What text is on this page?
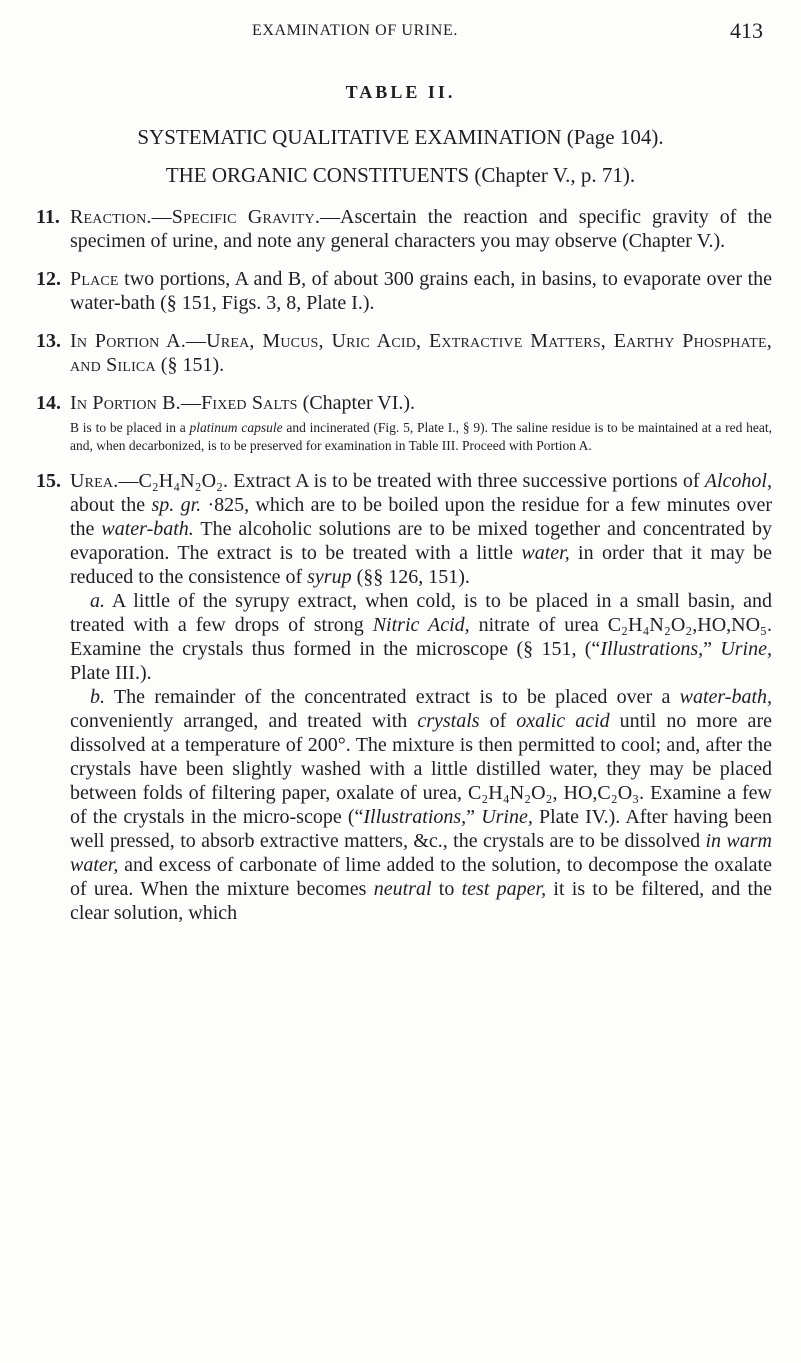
EXAMINATION OF URINE.	413
TABLE II.
SYSTEMATIC QUALITATIVE EXAMINATION (Page 104).
THE ORGANIC CONSTITUENTS (Chapter V., p. 71).
11. Reaction.—Specific Gravity.—Ascertain the reaction and specific gravity of the specimen of urine, and note any general characters you may observe (Chapter V.).
12. Place two portions, A and B, of about 300 grains each, in basins, to evaporate over the water-bath (§ 151, Figs. 3, 8, Plate I.).
13. In Portion A.—Urea, Mucus, Uric Acid, Extractive Matters, Earthy Phosphate, and Silica (§ 151).
14. In Portion B.—Fixed Salts (Chapter VI.).
B is to be placed in a platinum capsule and incinerated (Fig. 5, Plate I., § 9). The saline residue is to be maintained at a red heat, and, when decarbonized, is to be preserved for examination in Table III. Proceed with Portion A.
15. Urea.—C₂H₄N₂O₂. Extract A is to be treated with three successive portions of Alcohol, about the sp. gr. ·825, which are to be boiled upon the residue for a few minutes over the water-bath. The alcoholic solutions are to be mixed together and concentrated by evaporation. The extract is to be treated with a little water, in order that it may be reduced to the consistence of syrup (§§ 126, 151).
a. A little of the syrupy extract, when cold, is to be placed in a small basin, and treated with a few drops of strong Nitric Acid, nitrate of urea C₂H₄N₂O₂,HO,NO₅. Examine the crystals thus formed in the microscope (§ 151, (“Illustrations,” Urine, Plate III.).
b. The remainder of the concentrated extract is to be placed over a water-bath, conveniently arranged, and treated with crystals of oxalic acid until no more are dissolved at a temperature of 200°. The mixture is then permitted to cool; and, after the crystals have been slightly washed with a little distilled water, they may be placed between folds of filtering paper, oxalate of urea, C₂H₄N₂O₂, HO,C₂O₃. Examine a few of the crystals in the micro-scope (“Illustrations,” Urine, Plate IV.). After having been well pressed, to absorb extractive matters, &c., the crystals are to be dissolved in warm water, and excess of carbonate of lime added to the solution, to decompose the oxalate of urea. When the mixture becomes neutral to test paper, it is to be filtered, and the clear solution, which
